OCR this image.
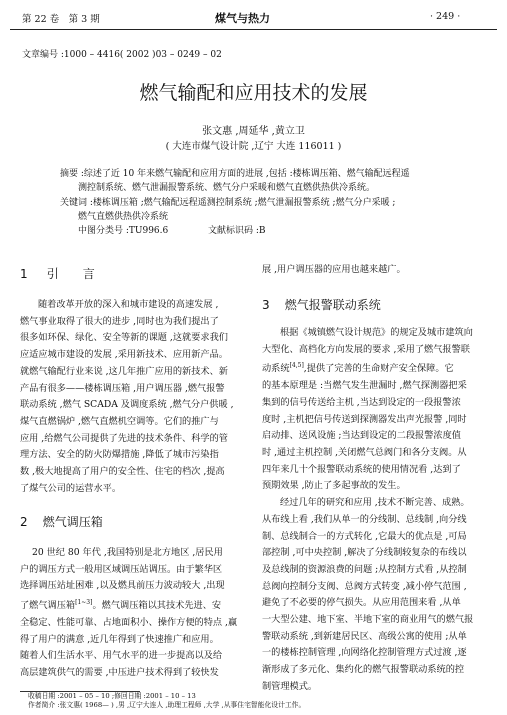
第 22 卷　第 3 期	煤气与热力	· 249 ·
文章编号 :1000 – 4416( 2002 )03 – 0249 – 02
燃气输配和应用技术的发展
张文惠 ,周延华 ,黄立卫
( 大连市煤气设计院 ,辽宁 大连 116011 )
摘要 :综述了近 10 年来燃气输配和应用方面的进展 ,包括 :楼栋调压箱、燃气输配远程遥
测控制系统、燃气泄漏报警系统、燃气分户采暖和燃气直燃供热供冷系统。
关键词 :楼栋调压箱 ;燃气输配远程遥测控制系统 ;燃气泄漏报警系统 ;燃气分户采暖 ;
燃气直燃供热供冷系统
中图分类号 :TU996.6	文献标识码 :B
1 引　　言
随着改革开放的深入和城市建设的高速发展 ,
燃气事业取得了很大的进步 ,同时也为我们提出了
很多如环保、绿化、安全等新的课题 ,这就要求我们
应适应城市建设的发展 ,采用新技术、应用新产品。
就燃气输配行业来说 ,这几年推广应用的新技术、新
产品有很多——楼栋调压箱 ,用户调压器 ,燃气报警
联动系统 ,燃气 SCADA 及调度系统 ,燃气分户供暖 ,
煤气直燃锅炉 ,燃气直燃机空调等。它们的推广与
应用 ,给燃气公司提供了先进的技术条件、科学的管
理方法、安全的防火防爆措施 ,降低了城市污染指
数 ,极大地提高了用户的安全性、住宅的档次 ,提高
了煤气公司的运营水平。
2 燃气调压箱
20 世纪 80 年代 ,我国特别是北方地区 ,居民用
户的调压方式一般用区域调压站调压。由于繁华区
选择调压站址困难 ,以及燃具前压力波动较大 ,出现
了燃气调压箱[1~3]。燃气调压箱以其技术先进、安
全稳定、性能可靠、占地面积小、操作方便的特点 ,赢
得了用户的满意 ,近几年得到了快速推广和应用。
随着人们生活水平、用气水平的进一步提高以及给
高层建筑供气的需要 ,中压进户技术得到了较快发
展 ,用户调压器的应用也越来越广。
3 燃气报警联动系统
根据《城镇燃气设计规范》的规定及城市建筑向
大型化、高档化方向发展的要求 ,采用了燃气报警联
动系统[4,5],提供了完善的生命财产安全保障。它
的基本原理是 :当燃气发生泄漏时 ,燃气探测器把采
集到的信号传送给主机 ,当达到设定的一段报警浓
度时 ,主机把信号传送到探测器发出声光报警 ,同时
启动排、送风设施 ;当达到设定的二段报警浓度值
时 ,通过主机控制 ,关闭燃气总阀门和各分支阀。从
四年来几十个报警联动系统的使用情况看 ,达到了
预期效果 ,防止了多起事故的发生。
经过几年的研究和应用 ,技术不断完善、成熟。
从布线上看 ,我们从单一的分线制、总线制 ,向分线
制、总线制合一的方式转化 ,它最大的优点是 ,可局
部控制 ,可中央控制 ,解决了分线制较复杂的布线以
及总线制的资源浪费的问题 ;从控制方式看 ,从控制
总阀向控制分支阀、总阀方式转变 ,减小停气范围 ,
避免了不必要的停气损失。从应用范围来看 ,从单
一大型公建、地下室、半地下室的商业用气的燃气报
警联动系统 ,到新建居民区、高级公寓的使用 ;从单
一的楼栋控制管理 ,向网络化控制管理方式过渡 ,逐
渐形成了多元化、集约化的燃气报警联动系统的控
制管理模式。
收稿日期 :2001 – 05 – 10 ;修回日期 :2001 – 10 – 13
作者简介 :张文惠( 1968— ) ,男 ,辽宁大连人 ,助理工程师 ,大学 ,从事住宅智能化设计工作。
